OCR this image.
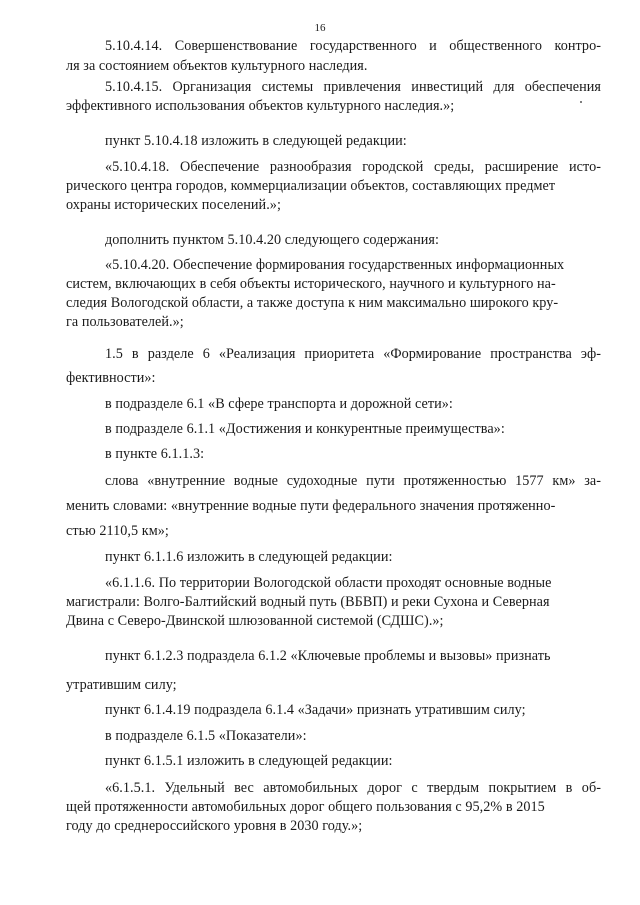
16
5.10.4.14. Совершенствование государственного и общественного контро-
ля за состоянием объектов культурного наследия.
5.10.4.15. Организация системы привлечения инвестиций для обеспечения
эффективного использования объектов культурного наследия.»;
пункт 5.10.4.18 изложить в следующей редакции:
«5.10.4.18. Обеспечение разнообразия городской среды, расширение исто-
рического центра городов, коммерциализации объектов, составляющих предмет
охраны исторических поселений.»;
дополнить пунктом 5.10.4.20 следующего содержания:
«5.10.4.20. Обеспечение формирования государственных информационных
систем, включающих в себя объекты исторического, научного и культурного на-
следия Вологодской области, а также доступа к ним максимально широкого кру-
га пользователей.»;
1.5 в разделе 6 «Реализация приоритета «Формирование пространства эф-
фективности»:
в подразделе 6.1 «В сфере транспорта и дорожной сети»:
в подразделе 6.1.1 «Достижения и конкурентные преимущества»:
в пункте 6.1.1.3:
слова «внутренние водные судоходные пути протяженностью 1577 км» за-
менить словами: «внутренние водные пути федерального значения протяженно-
стью 2110,5 км»;
пункт 6.1.1.6 изложить в следующей редакции:
«6.1.1.6. По территории Вологодской области проходят основные водные
магистрали: Волго-Балтийский водный путь (ВБВП) и реки Сухона и Северная
Двина с Северо-Двинской шлюзованной системой (СДШС).»;
пункт 6.1.2.3 подраздела 6.1.2 «Ключевые проблемы и вызовы» признать
утратившим силу;
пункт 6.1.4.19 подраздела 6.1.4 «Задачи» признать утратившим силу;
в подразделе 6.1.5 «Показатели»:
пункт 6.1.5.1 изложить в следующей редакции:
«6.1.5.1. Удельный вес автомобильных дорог с твердым покрытием в об-
щей протяженности автомобильных дорог общего пользования с 95,2% в 2015
году до среднероссийского уровня в 2030 году.»;
